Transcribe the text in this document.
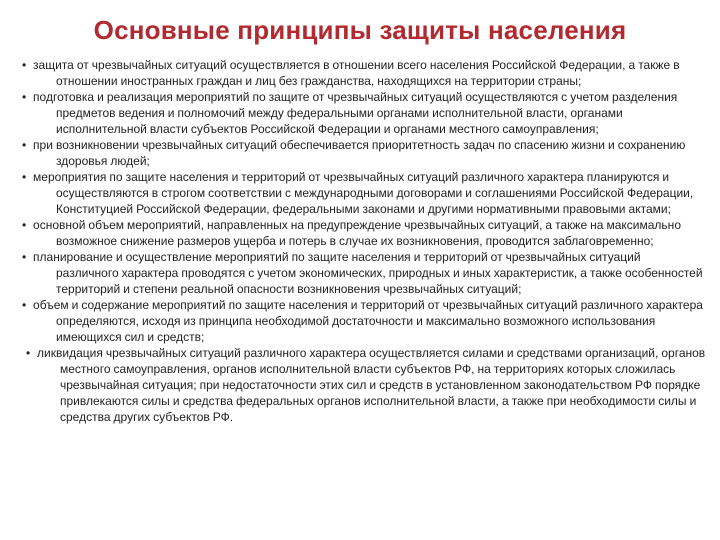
Основные принципы защиты населения
• защита от чрезвычайных ситуаций осуществляется в отношении всего населения Российской Федерации, а также в отношении иностранных граждан и лиц без гражданства, находящихся на территории страны;
• подготовка и реализация мероприятий по защите от чрезвычайных ситуаций осуществляются с учетом разделения предметов ведения и полномочий между федеральными органами исполнительной власти, органами исполнительной власти субъектов Российской Федерации и органами местного самоуправления;
• при возникновении чрезвычайных ситуаций обеспечивается приоритетность задач по спасению жизни и сохранению здоровья людей;
• мероприятия по защите населения и территорий от чрезвычайных ситуаций различного характера планируются и осуществляются в строгом соответствии с международными договорами и соглашениями Российской Федерации, Конституцией Российской Федерации, федеральными законами и другими нормативными правовыми актами;
• основной объем мероприятий, направленных на предупреждение чрезвычайных ситуаций, а также на максимально возможное снижение размеров ущерба и потерь в случае их возникновения, проводится заблаговременно;
• планирование и осуществление мероприятий по защите населения и территорий от чрезвычайных ситуаций различного характера проводятся с учетом экономических, природных и иных характеристик, а также особенностей территорий и степени реальной опасности возникновения чрезвычайных ситуаций;
• объем и содержание мероприятий по защите населения и территорий от чрезвычайных ситуаций различного характера определяются, исходя из принципа необходимой достаточности и максимально возможного использования имеющихся сил и средств;
• ликвидация чрезвычайных ситуаций различного характера осуществляется силами и средствами организаций, органов местного самоуправления, органов исполнительной власти субъектов РФ, на территориях которых сложилась чрезвычайная ситуация; при недостаточности этих сил и средств в установленном законодательством РФ порядке привлекаются силы и средства федеральных органов исполнительной власти, а также при необходимости силы и средства других субъектов РФ.
